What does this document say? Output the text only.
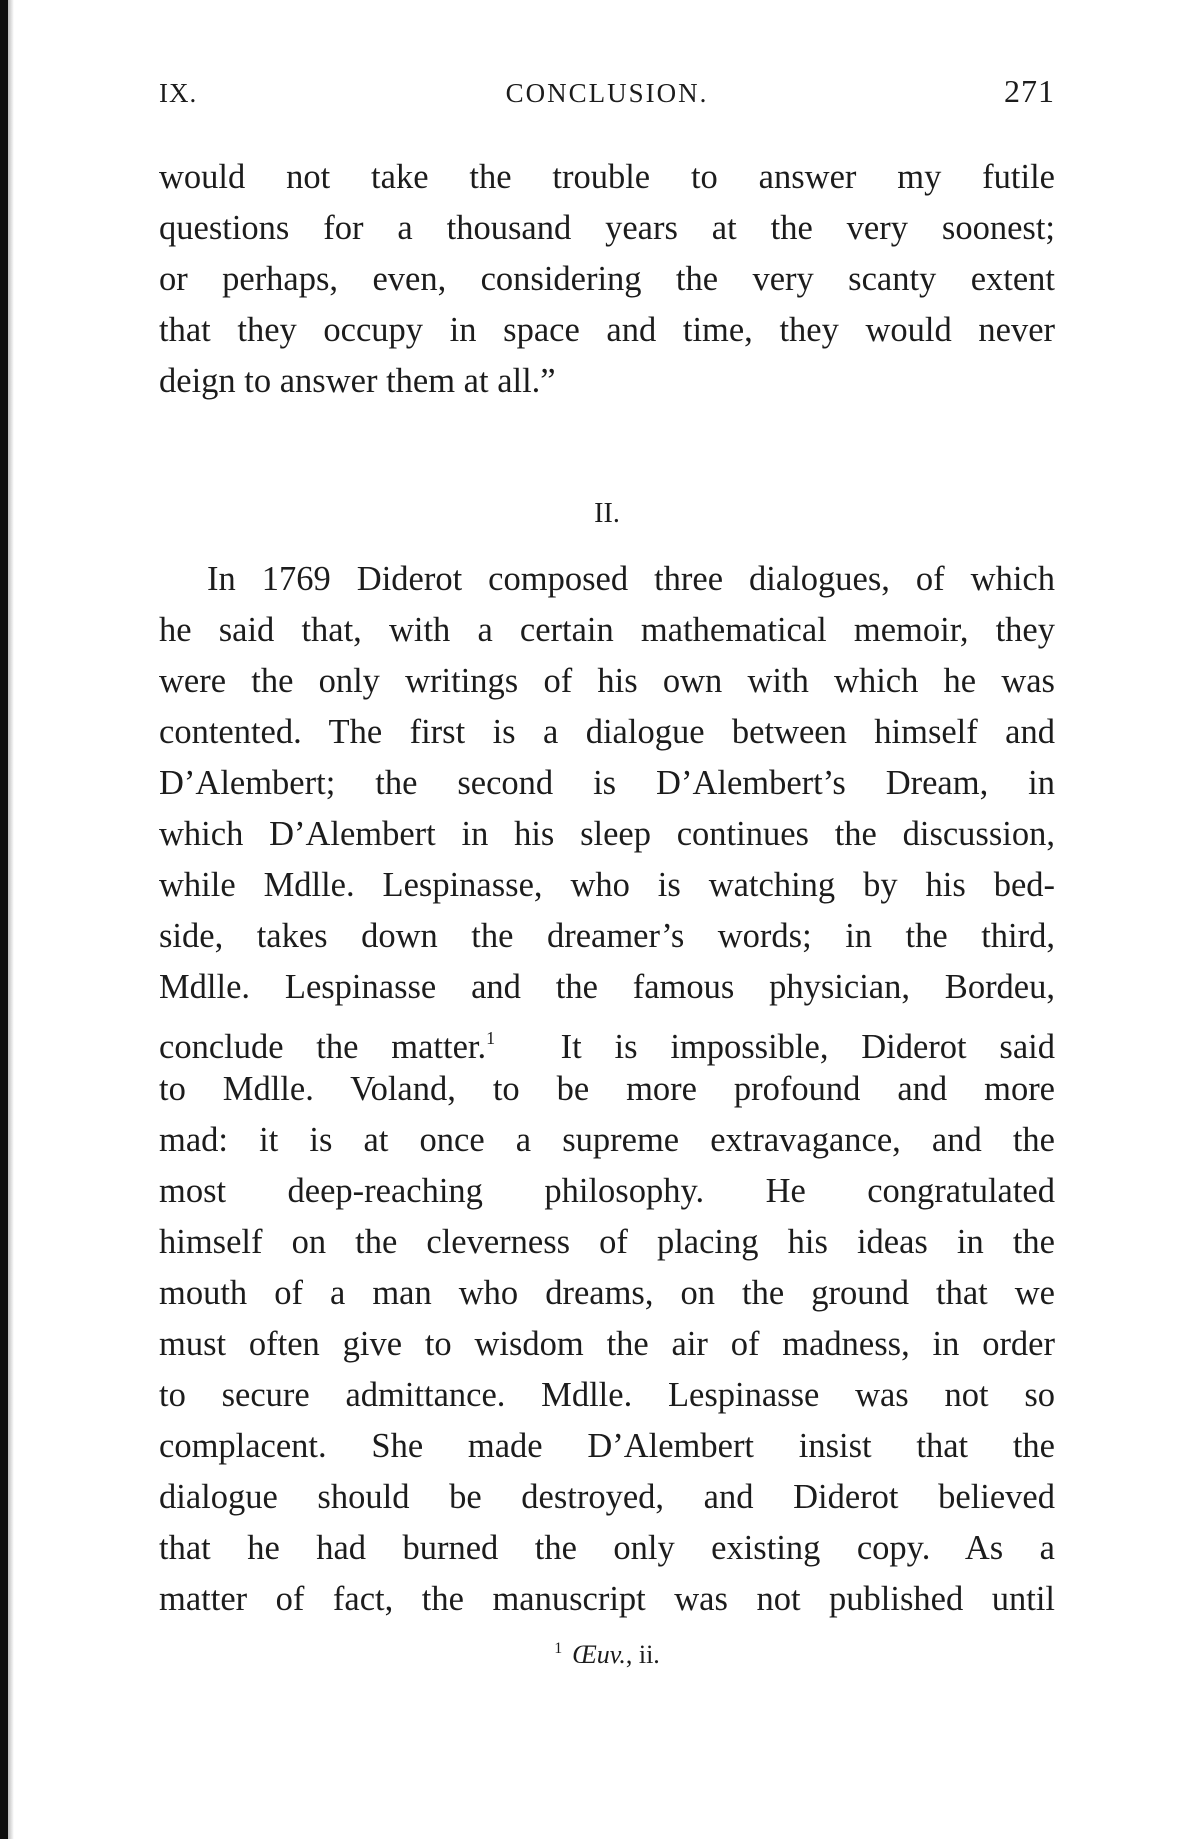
IX.	CONCLUSION.	271
would not take the trouble to answer my futile
questions for a thousand years at the very soonest;
or perhaps, even, considering the very scanty extent
that they occupy in space and time, they would never
deign to answer them at all.”
II.
In 1769 Diderot composed three dialogues, of which
he said that, with a certain mathematical memoir, they
were the only writings of his own with which he was
contented. The first is a dialogue between himself and
D’Alembert; the second is D’Alembert’s Dream, in
which D’Alembert in his sleep continues the discussion,
while Mdlle. Lespinasse, who is watching by his bed-
side, takes down the dreamer’s words; in the third,
Mdlle. Lespinasse and the famous physician, Bordeu,
conclude the matter.$^1$  It is impossible, Diderot said
to Mdlle. Voland, to be more profound and more
mad: it is at once a supreme extravagance, and the
most deep-reaching philosophy. He congratulated
himself on the cleverness of placing his ideas in the
mouth of a man who dreams, on the ground that we
must often give to wisdom the air of madness, in order
to secure admittance. Mdlle. Lespinasse was not so
complacent. She made D’Alembert insist that the
dialogue should be destroyed, and Diderot believed
that he had burned the only existing copy. As a
matter of fact, the manuscript was not published until
$^1$ Œuv., ii.
